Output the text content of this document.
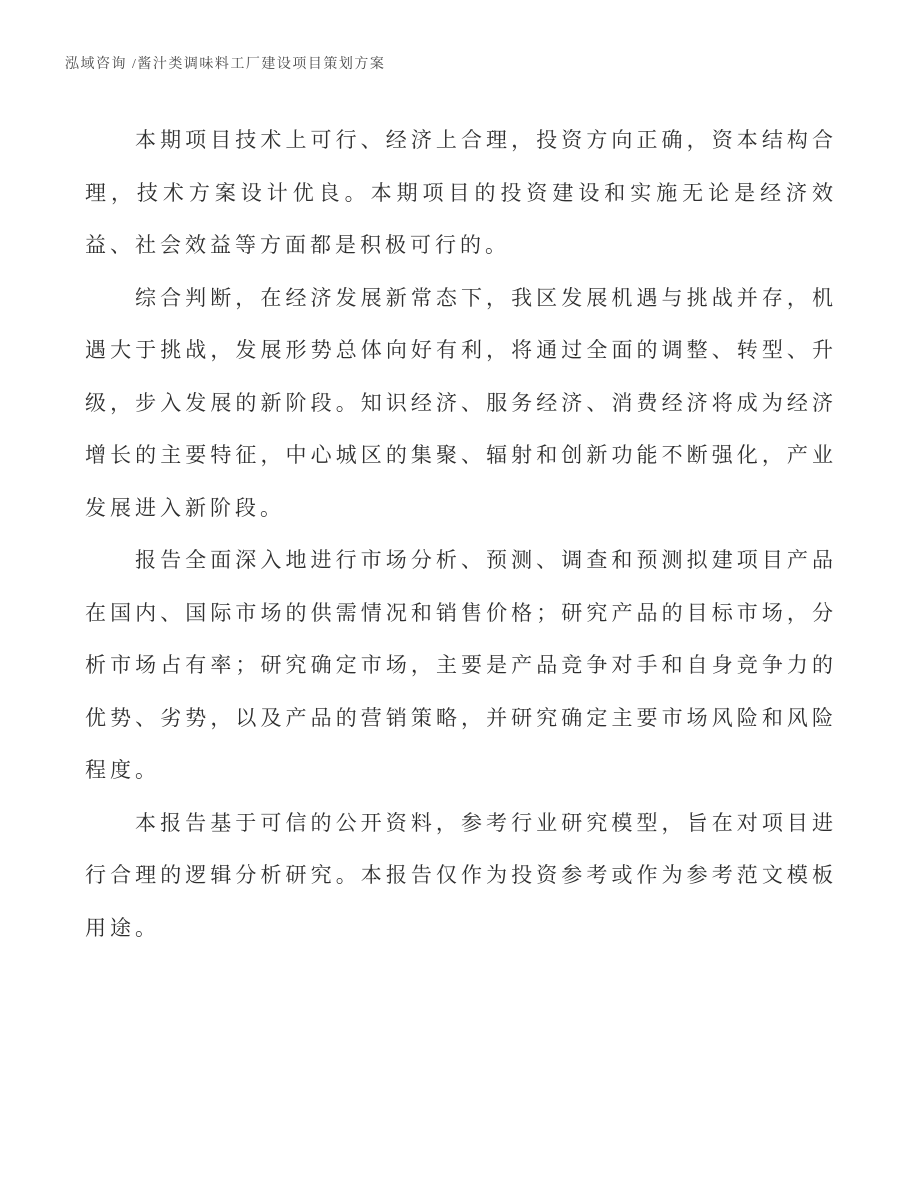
泓域咨询 /酱汁类调味料工厂建设项目策划方案

本期项目技术上可行、经济上合理，投资方向正确，资本结构合理，技术方案设计优良。本期项目的投资建设和实施无论是经济效益、社会效益等方面都是积极可行的。

综合判断，在经济发展新常态下，我区发展机遇与挑战并存，机遇大于挑战，发展形势总体向好有利，将通过全面的调整、转型、升级，步入发展的新阶段。知识经济、服务经济、消费经济将成为经济增长的主要特征，中心城区的集聚、辐射和创新功能不断强化，产业发展进入新阶段。

报告全面深入地进行市场分析、预测、调查和预测拟建项目产品在国内、国际市场的供需情况和销售价格；研究产品的目标市场，分析市场占有率；研究确定市场，主要是产品竞争对手和自身竞争力的优势、劣势，以及产品的营销策略，并研究确定主要市场风险和风险程度。

本报告基于可信的公开资料，参考行业研究模型，旨在对项目进行合理的逻辑分析研究。本报告仅作为投资参考或作为参考范文模板用途。
